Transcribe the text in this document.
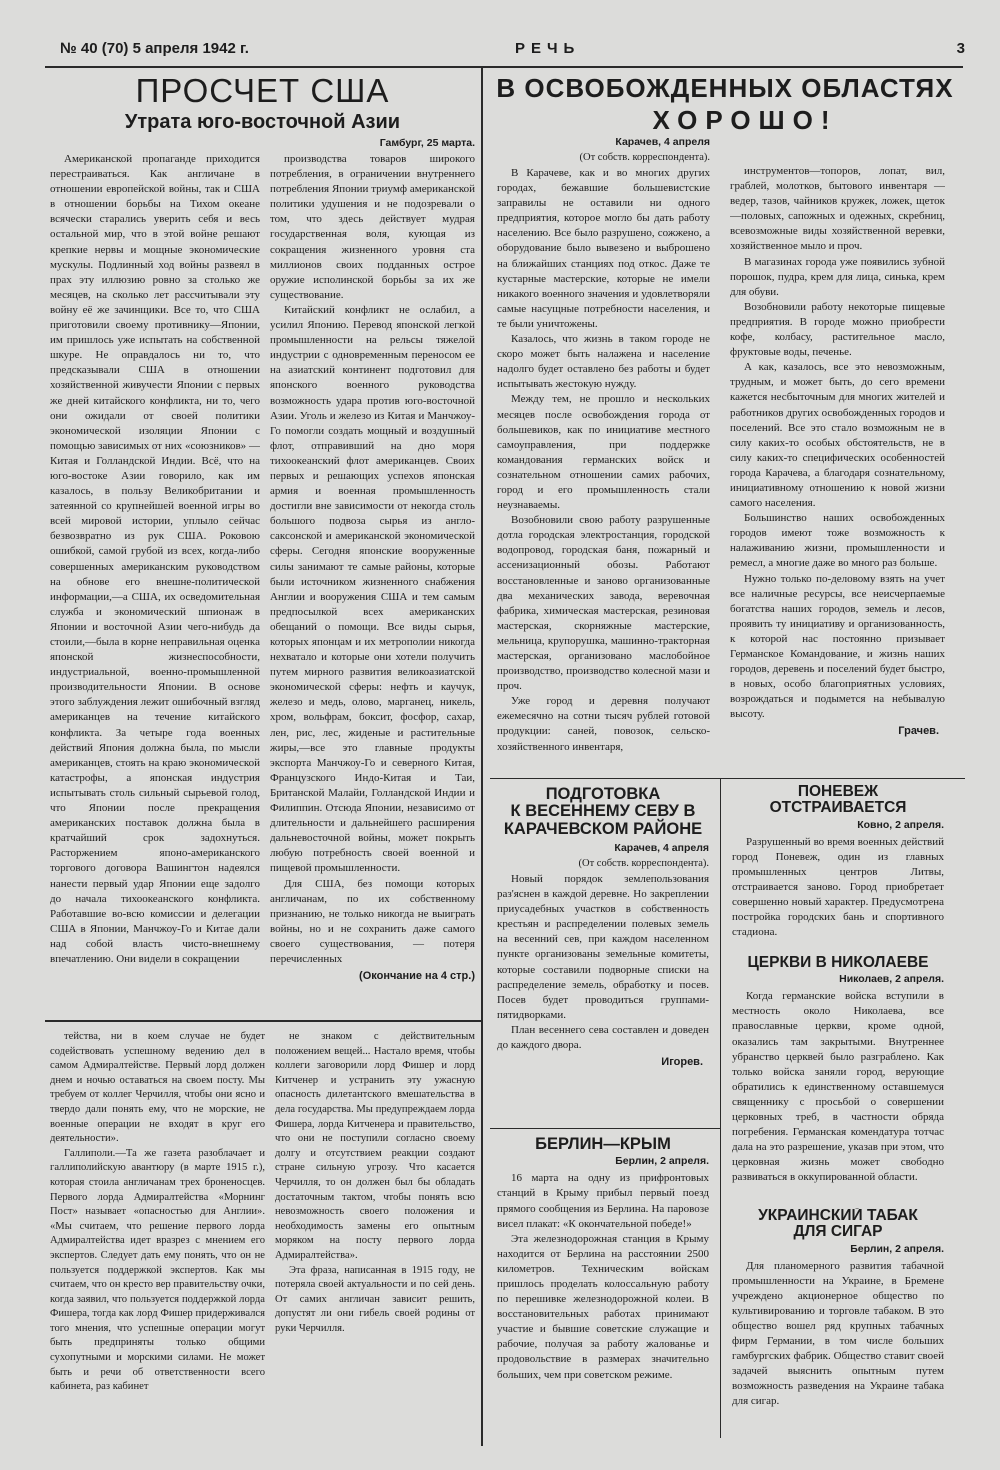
№ 40 (70) 5 апреля 1942 г.	РЕЧЬ	3
ПРОСЧЕТ США
Утрата юго-восточной Азии
Гамбург, 25 марта.

Американской пропаганде приходится перестраиваться. Как англичане в отношении европейской войны, так и США в отношении борьбы на Тихом океане всячески старались уверить себя и весь остальной мир, что в этой войне решают крепкие нервы и мощные экономические мускулы. Подлинный ход войны развеял в прах эту иллюзию ровно за столько же месяцев, на сколько лет рассчитывали эту войну её же зачинщики. Все то, что США приготовили своему противнику—Японии, им пришлось уже испытать на собственной шкуре. Не оправдалось ни то, что предсказывали США в отношении хозяйственной живучести Японии с первых же дней китайского конфликта, ни то, чего они ожидали от своей политики экономической изоляции Японии с помощью зависимых от них «союзников» — Китая и Голландской Индии. Всё, что на юго-востоке Азии говорило, как им казалось, в пользу Великобритании и затеянной со крупнейшей военной игры во всей мировой истории, уплыло сейчас безвозвратно из рук США. Роковою ошибкой, самой грубой из всех, когда-либо совершенных американским руководством на обнове его внешне-политической информации,—а США, их осведомительная служба и экономический шпионаж в Японии и восточной Азии чего-нибудь да стоили,—была в корне неправильная оценка японской жизнеспособности, индустриальной, военно-промышленной производительности Японии. В основе этого заблуждения лежит ошибочный взгляд американцев на течение китайского конфликта. За четыре года военных действий Япония должна была, по мысли американцев, стоять на краю экономической катастрофы, а японская индустрия испытывать столь сильный сырьевой голод, что Японии после прекращения американских поставок должна была в кратчайший срок задохнуться. Расторжением японо-американского торгового договора Вашингтон надеялся нанести первый удар Японии еще задолго до начала тихоокеанского конфликта. Работавшие во-всю комиссии и делегации США в Японии, Манчжоу-Го и Китае дали над собой власть чисто-внешнему впечатлению. Они видели в сокращении

производства товаров широкого потребления, в ограничении внутреннего потребления Японии триумф американской политики удушения и не подозревали о том, что здесь действует мудрая государственная воля, кующая из сокращения жизненного уровня ста миллионов своих подданных острое оружие исполинской борьбы за их же существование.

Китайский конфликт не ослабил, а усилил Японию. Перевод японской легкой промышленности на рельсы тяжелой индустрии с одновременным переносом ее на азиатский континент подготовил для японского военного руководства возможность удара против юго-восточной Азии. Уголь и железо из Китая и Манчжоу-Го помогли создать мощный и воздушный флот, отправивший на дно моря тихоокеанский флот американцев. Своих первых и решающих успехов японская армия и военная промышленность достигли вне зависимости от некогда столь большого подвоза сырья из англо-саксонской и американской экономической сферы. Сегодня японские вооруженные силы занимают те самые районы, которые были источником жизненного снабжения Англии и вооружения США и тем самым предпосылкой всех американских обещаний о помощи. Все виды сырья, которых японцам и их метрополии никогда нехватало и которые они хотели получить путем мирного развития великоазиатской экономической сферы: нефть и каучук, железо и медь, олово, марганец, никель, хром, вольфрам, боксит, фосфор, сахар, лен, рис, лес, жиденые и растительные жиры,—все это главные продукты экспорта Манчжоу-Го и северного Китая, Французского Индо-Китая и Таи, Британской Малайи, Голландской Индии и Филиппин. Отсюда Японии, независимо от длительности и дальнейшего расширения дальневосточной войны, может покрыть любую потребность своей военной и пищевой промышленности.

Для США, без помощи которых англичанам, по их собственному признанию, не только никогда не выиграть войны, но и не сохранить даже самого своего существования, — потеря перечисленных

(Окончание на 4 стр.)

тейства, ни в коем случае не будет содействовать успешному ведению дел в самом Адмиралтействе. Первый лорд должен днем и ночью оставаться на своем посту. Мы требуем от коллег Черчилля, чтобы они ясно и твердо дали понять ему, что не морские, не военные операции не входят в круг его деятельности».

Галлиполи.—Та же газета разоблачает и галлиполийскую авантюру (в марте 1915 г.), которая стоила англичанам трех броненосцев. Первого лорда Адмиралтейства «Морнинг Пост» называет «опасностью для Англии». «Мы считаем, что решение первого лорда Адмиралтейства идет вразрез с мнением его экспертов. Следует дать ему понять, что он не пользуется поддержкой экспертов. Как мы считаем, что он кресто вер правительству очки, когда заявил, что пользуется поддержкой лорда Фишера, тогда как лорд Фишер придерживался того мнения, что успешные операции могут быть предприняты только общими сухопутными и морскими силами. Не может быть и речи об ответственности всего кабинета, раз кабинет

не знаком с действительным положением вещей... Настало время, чтобы коллеги заговорили лорд Фишер и лорд Китченер и устранить эту ужасную опасность дилетантского вмешательства в дела государства. Мы предупреждаем лорда Фишера, лорда Китченера и правительство, что они не поступили согласно своему долгу и отсутствием реакции создают стране сильную угрозу. Что касается Черчилля, то он должен был бы обладать достаточным тактом, чтобы понять всю невозможность своего положения и необходимость замены его опытным моряком на посту первого лорда Адмиралтейства».

Эта фраза, написанная в 1915 году, не потеряла своей актуальности и по сей день. От самих англичан зависит решить, допустят ли они гибель своей родины от руки Черчилля.

В ОСВОБОЖДЕННЫХ ОБЛАСТЯХ
ХОРОШО!
Карачев, 4 апреля
(От собств. корреспондента).

В Карачеве, как и во многих других городах, бежавшие большевистские заправилы не оставили ни одного предприятия, которое могло бы дать работу населению. Все было разрушено, сожжено, а оборудование было вывезено и выброшено на ближайших станциях под откос. Даже те кустарные мастерские, которые не имели никакого военного значения и удовлетворяли самые насущные потребности населения, и те были уничтожены.

Казалось, что жизнь в таком городе не скоро может быть налажена и население надолго будет оставлено без работы и будет испытывать жестокую нужду.

Между тем, не прошло и нескольких месяцев после освобождения города от большевиков, как по инициативе местного самоуправления, при поддержке командования германских войск и сознательном отношении самих рабочих, город и его промышленность стали неузнаваемы.

Возобновили свою работу разрушенные дотла городская электростанция, городской водопровод, городская баня, пожарный и ассенизационный обозы. Работают восстановленные и заново организованные два механических завода, веревочная фабрика, химическая мастерская, резиновая мастерская, скорняжные мастерские, мельница, крупорушка, машинно-тракторная мастерская, организовано маслобойное производство, производство колесной мази и проч.

Уже город и деревня получают ежемесячно на сотни тысяч рублей готовой продукции: саней, повозок, сельско-хозяйственного инвентаря,

инструментов—топоров, лопат, вил, граблей, молотков, бытового инвентаря — ведер, тазов, чайников кружек, ложек, щеток—половых, сапожных и одежных, скребниц, всевозможные виды хозяйственной веревки, хозяйственное мыло и проч.

В магазинах города уже появились зубной порошок, пудра, крем для лица, синька, крем для обуви.

Возобновили работу некоторые пищевые предприятия. В городе можно приобрести кофе, колбасу, растительное масло, фруктовые воды, печенье.

А как, казалось, все это невозможным, трудным, и может быть, до сего времени кажется несбыточным для многих жителей и работников других освобожденных городов и поселений. Все это стало возможным не в силу каких-то особых обстоятельств, не в силу каких-то специфических особенностей города Карачева, а благодаря сознательному, инициативному отношению к новой жизни самого населения.

Большинство наших освобожденных городов имеют тоже возможность к налаживанию жизни, промышленности и ремесл, а многие даже во много раз больше.

Нужно только по-деловому взять на учет все наличные ресурсы, все неисчерпаемые богатства наших городов, земель и лесов, проявить ту инициативу и организованность, к которой нас постоянно призывает Германское Командование, и жизнь наших городов, деревень и поселений будет быстро, в новых, особо благоприятных условиях, возрождаться и подымется на небывалую высоту.

Грачев.
ПОДГОТОВКА
К ВЕСЕННЕМУ СЕВУ В
КАРАЧЕВСКОМ РАЙОНЕ
Карачев, 4 апреля
(От собств. корреспондента).

Новый порядок землепользования раз'яснен в каждой деревне. Но закреплении приусадебных участков в собственность крестьян и распределении полевых земель на весенний сев, при каждом населенном пункте организованы земельные комитеты, которые составили подворные списки на распределение земель, обработку и посев. Посев будет проводиться группами-пятидворками.

План весеннего сева составлен и доведен до каждого двора.

Игорев.
БЕРЛИН—КРЫМ
Берлин, 2 апреля.

16 марта на одну из прифронтовых станций в Крыму прибыл первый поезд прямого сообщения из Берлина. На паровозе висел плакат: «К окончательной победе!»

Эта железнодорожная станция в Крыму находится от Берлина на расстоянии 2500 километров. Техническим войскам пришлось проделать колоссальную работу по перешивке железнодорожной колеи. В восстановительных работах принимают участие и бывшие советские служащие и рабочие, получая за работу жалованье и продовольствие в размерах значительно больших, чем при советском режиме.

ПОНЕВЕЖ
ОТСТРАИВАЕТСЯ
Ковно, 2 апреля.

Разрушенный во время военных действий город Поневеж, один из главных промышленных центров Литвы, отстраивается заново. Город приобретает совершенно новый характер. Предусмотрена постройка городских бань и спортивного стадиона.

ЦЕРКВИ В НИКОЛАЕВЕ
Николаев, 2 апреля.

Когда германские войска вступили в местность около Николаева, все православные церкви, кроме одной, оказались там закрытыми. Внутреннее убранство церквей было разграблено. Как только войска заняли город, верующие обратились к единственному оставшемуся священнику с просьбой о совершении церковных треб, в частности обряда погребения. Германская комендатура тотчас дала на это разрешение, указав при этом, что церковная жизнь может свободно развиваться в оккупированной области.

УКРАИНСКИЙ ТАБАК
ДЛЯ СИГАР
Берлин, 2 апреля.

Для планомерного развития табачной промышленности на Украине, в Бремене учреждено акционерное общество по культивированию и торговле табаком. В это общество вошел ряд крупных табачных фирм Германии, в том числе больших гамбургских фабрик. Общество ставит своей задачей выяснить опытным путем возможность разведения на Украине табака для сигар.
